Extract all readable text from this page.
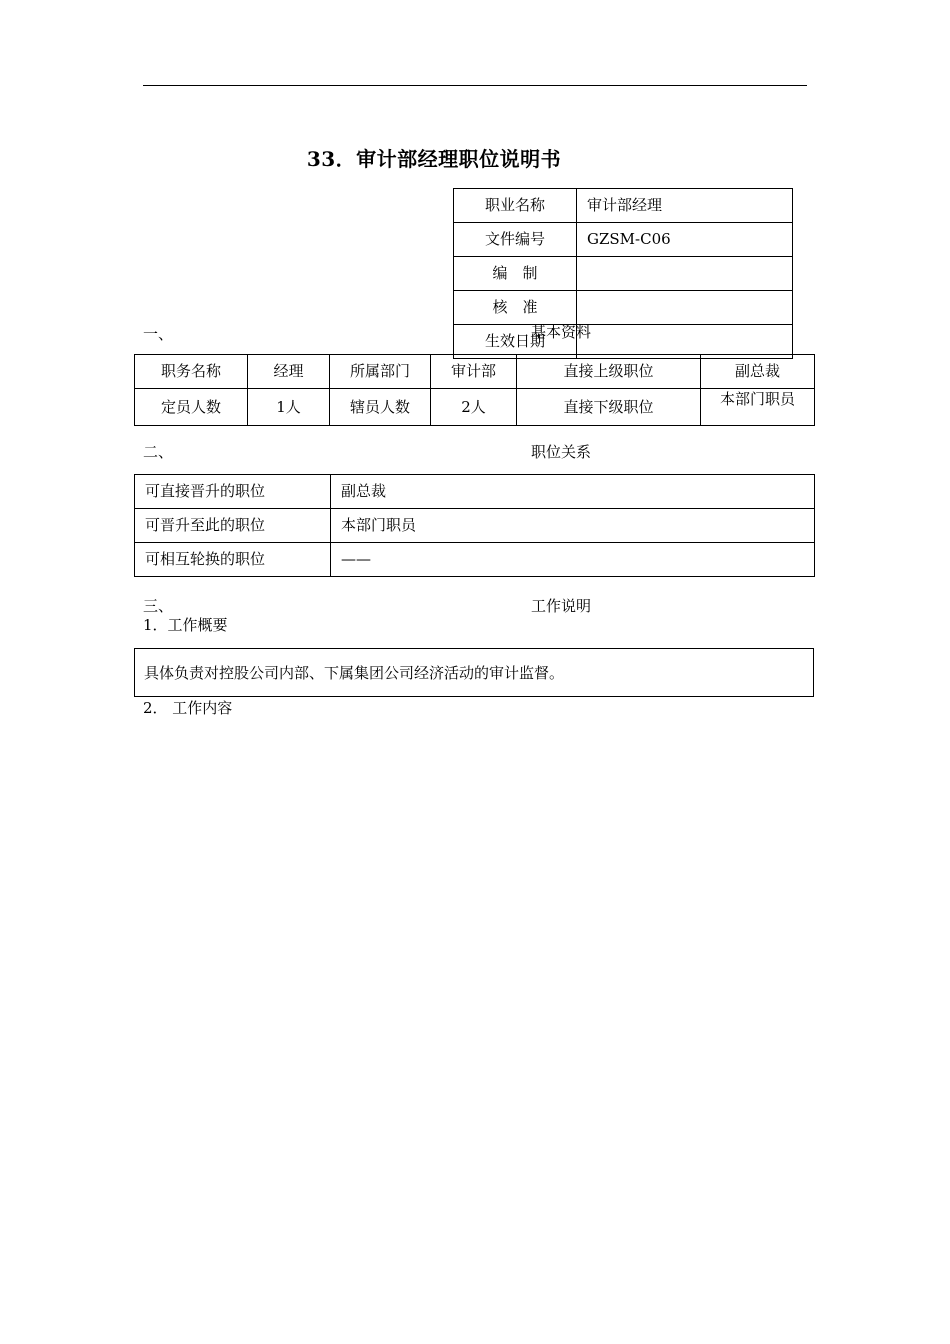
33．审计部经理职位说明书
职业名称	审计部经理
文件编号	GZSM-C06
编　制	
核　准	
生效日期	
一、	基本资料
职务名称	经理	所属部门	审计部	直接上级职位	副总裁
定员人数	1人	辖员人数	2人	直接下级职位	本部门职员
二、	职位关系
可直接晋升的职位	副总裁
可晋升至此的职位	本部门职员
可相互轮换的职位	——
三、	工作说明
1．工作概要
具体负责对控股公司内部、下属集团公司经济活动的审计监督。
2． 工作内容
